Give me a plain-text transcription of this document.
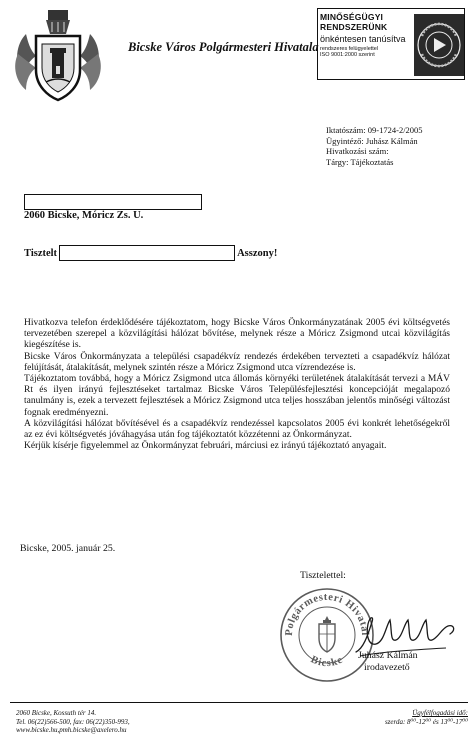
Bicske Város Polgármesteri Hivatala
MINŐSÉGÜGYI
RENDSZERÜNK
önkéntesen tanúsítva
rendszeres felügyelettel
ISO 9001:2000 szerint
Iktatószám: 09-1724-2/2005
Ügyintéző: Juhász Kálmán
Hivatkozási szám:
Tárgy: Tájékoztatás
2060 Bicske, Móricz Zs. U.
Tisztelt	Asszony!

Hivatkozva telefon érdeklődésére tájékoztatom, hogy Bicske Város Önkormányzatának 2005 évi költségvetés tervezetében szerepel a közvilágítási hálózat bővítése, melynek része a Móricz Zsigmond utcai közvilágítás kiegészítése is.

Bicske Város Önkormányzata a települési csapadékvíz rendezés érdekében tervezteti a csapadékvíz hálózat felújítását, átalakítását, melynek szintén része a Móricz Zsigmond utca vízrendezése is.

Tájékoztatom továbbá, hogy a Móricz Zsigmond utca állomás környéki területének átalakítását tervezi a MÁV Rt és ilyen irányú fejlesztéseket tartalmaz Bicske Város Településfejlesztési koncepcióját megalapozó tanulmány is, ezek a tervezett fejlesztések a Móricz Zsigmond utca teljes hosszában jelentős minőségi változást fognak eredményezni.

A közvilágítási hálózat bővítésével és a csapadékvíz rendezéssel kapcsolatos 2005 évi konkrét lehetőségekről az ez évi költségvetés jóváhagyása után fog tájékoztatót közzétenni az Önkormányzat.

Kérjük kísérje figyelemmel az Önkormányzat februári, márciusi ez irányú tájékoztató anyagait.

Bicske, 2005. január 25.
Tisztelettel:
Polgármesteri Hivatal
Bicske Juhász Kálmán
irodavezető
2060 Bicske, Kossuth tér 14.
Tel. 06(22)566-500, fax: 06(22)350-993,
www.bicske.hu,pmh.bicske@axelero.hu
Ügyfélfogadási idő:
szerda: 8⁰⁰-12⁰⁰ és 13⁰⁰-17⁰⁰
